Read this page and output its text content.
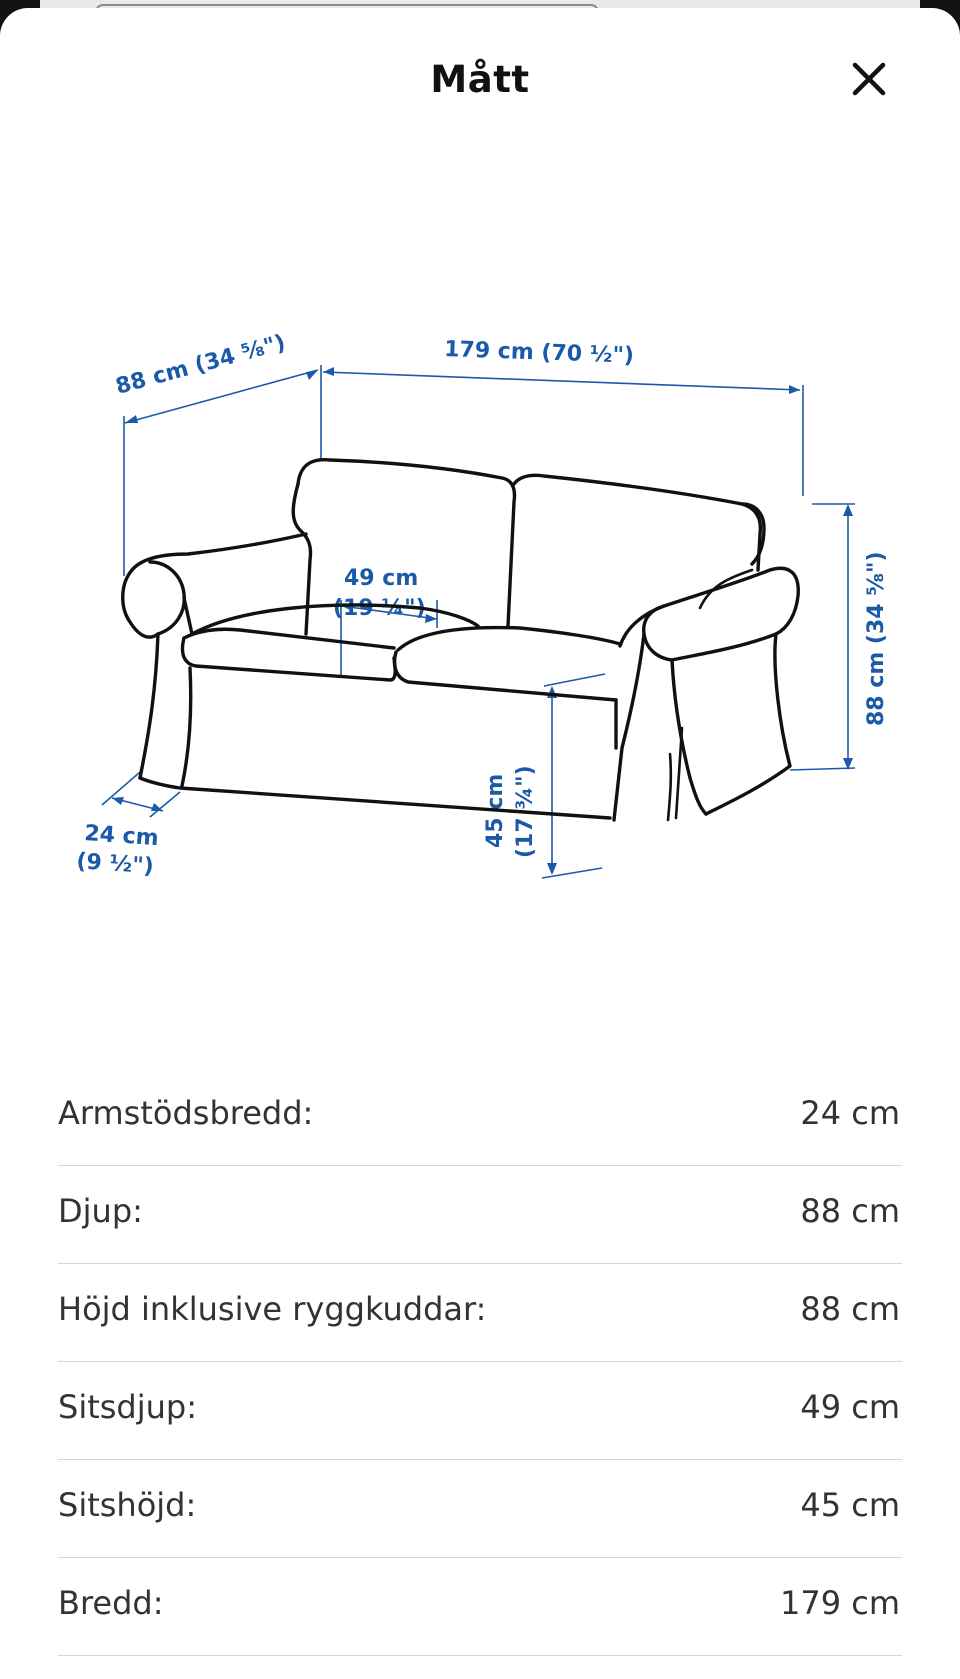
Mått
88 cm (34 ⅝")	179 cm (70 ½")
88 cm (34 ⅝")
49 cm
(19 ¼")
45 cm (17 ¾")
24 cm
(9 ½")
Armstödsbredd:	24 cm
Djup:	88 cm
Höjd inklusive ryggkuddar:	88 cm
Sitsdjup:	49 cm
Sitshöjd:	45 cm
Bredd:	179 cm
